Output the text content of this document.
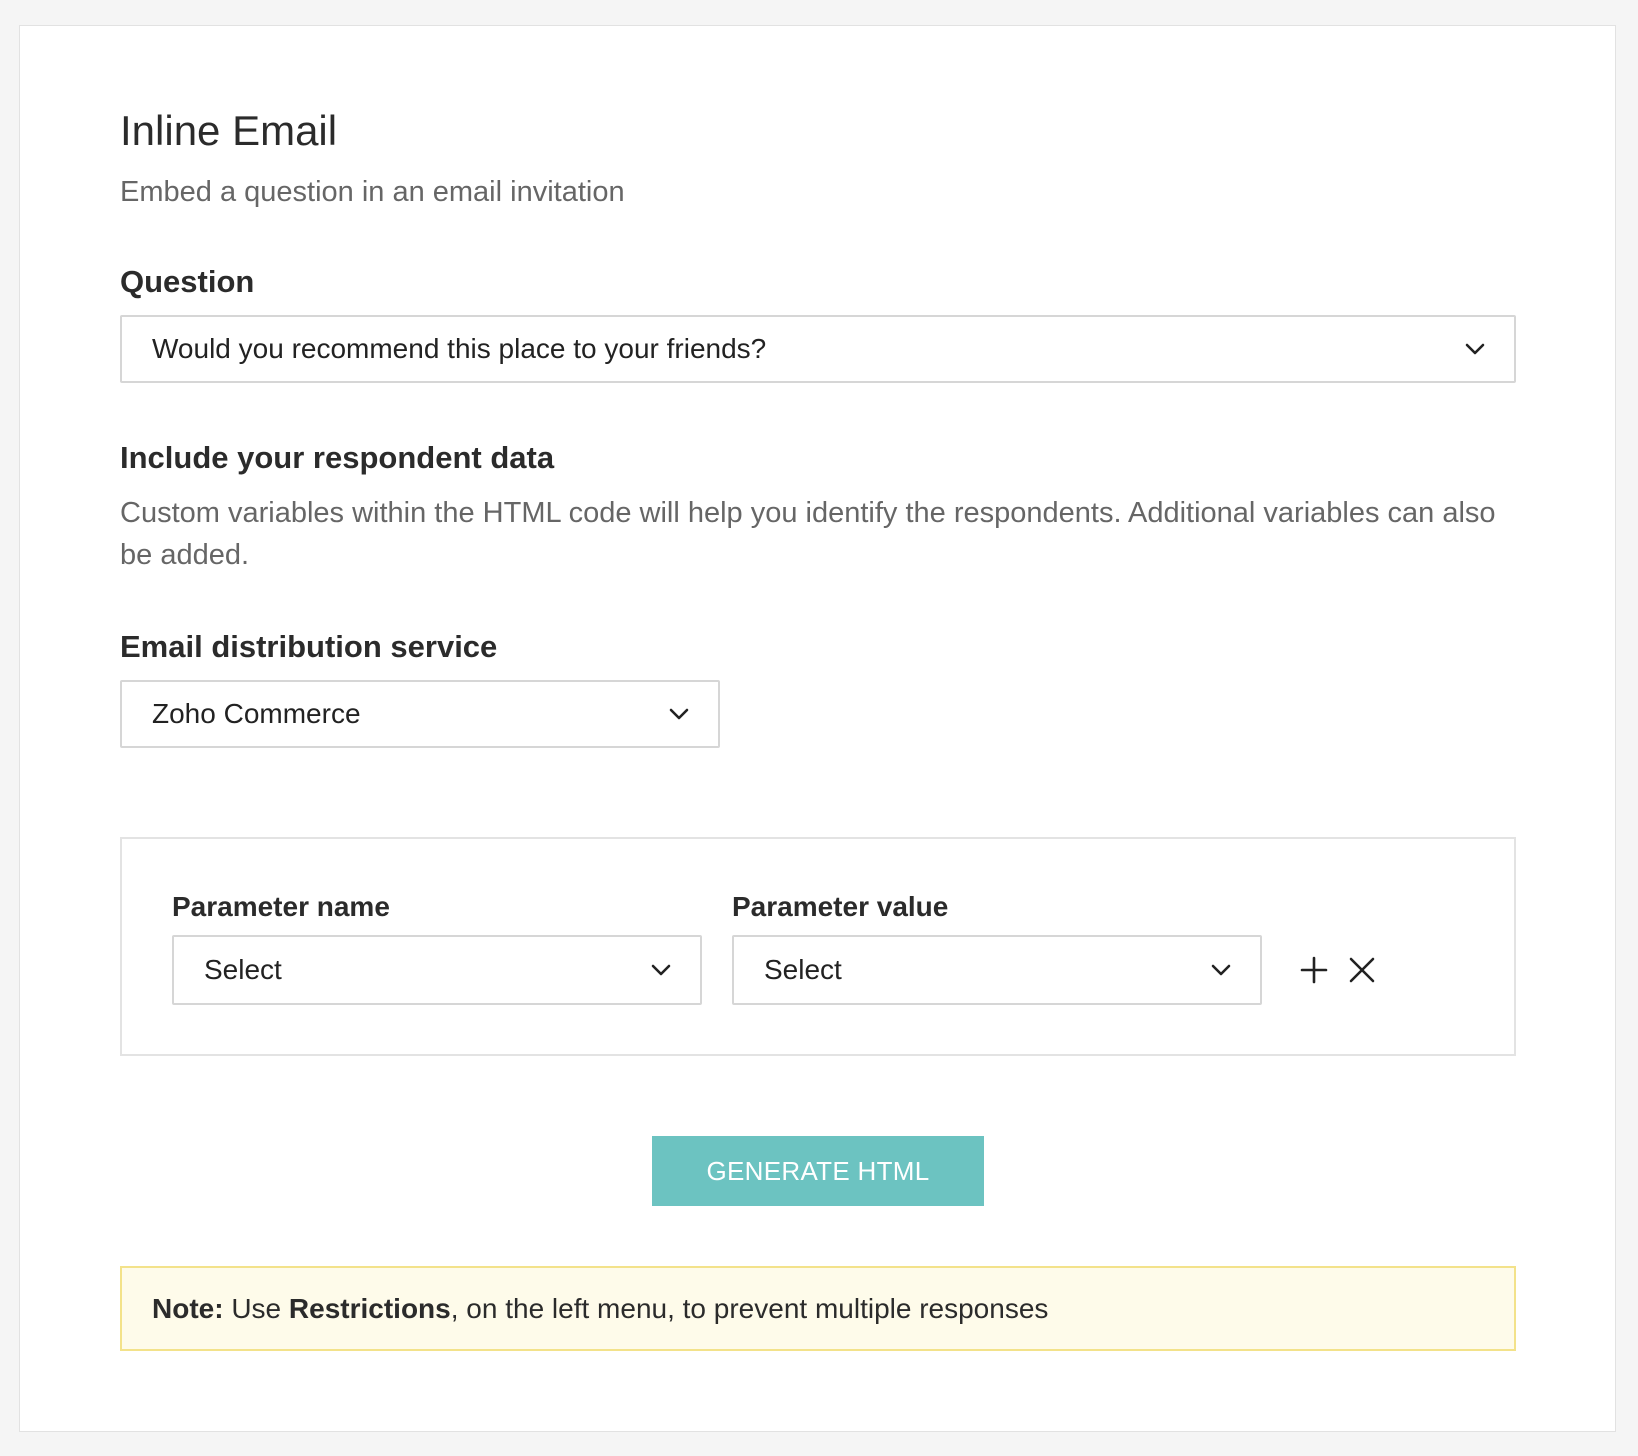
Inline Email

Embed a question in an email invitation

Question
Would you recommend this place to your friends?
Include your respondent data

Custom variables within the HTML code will help you identify the respondents. Additional variables can also be added.

Email distribution service
Zoho Commerce

Parameter name	Parameter value

Select	Select
GENERATE HTML
Note: Use Restrictions, on the left menu, to prevent multiple responses
